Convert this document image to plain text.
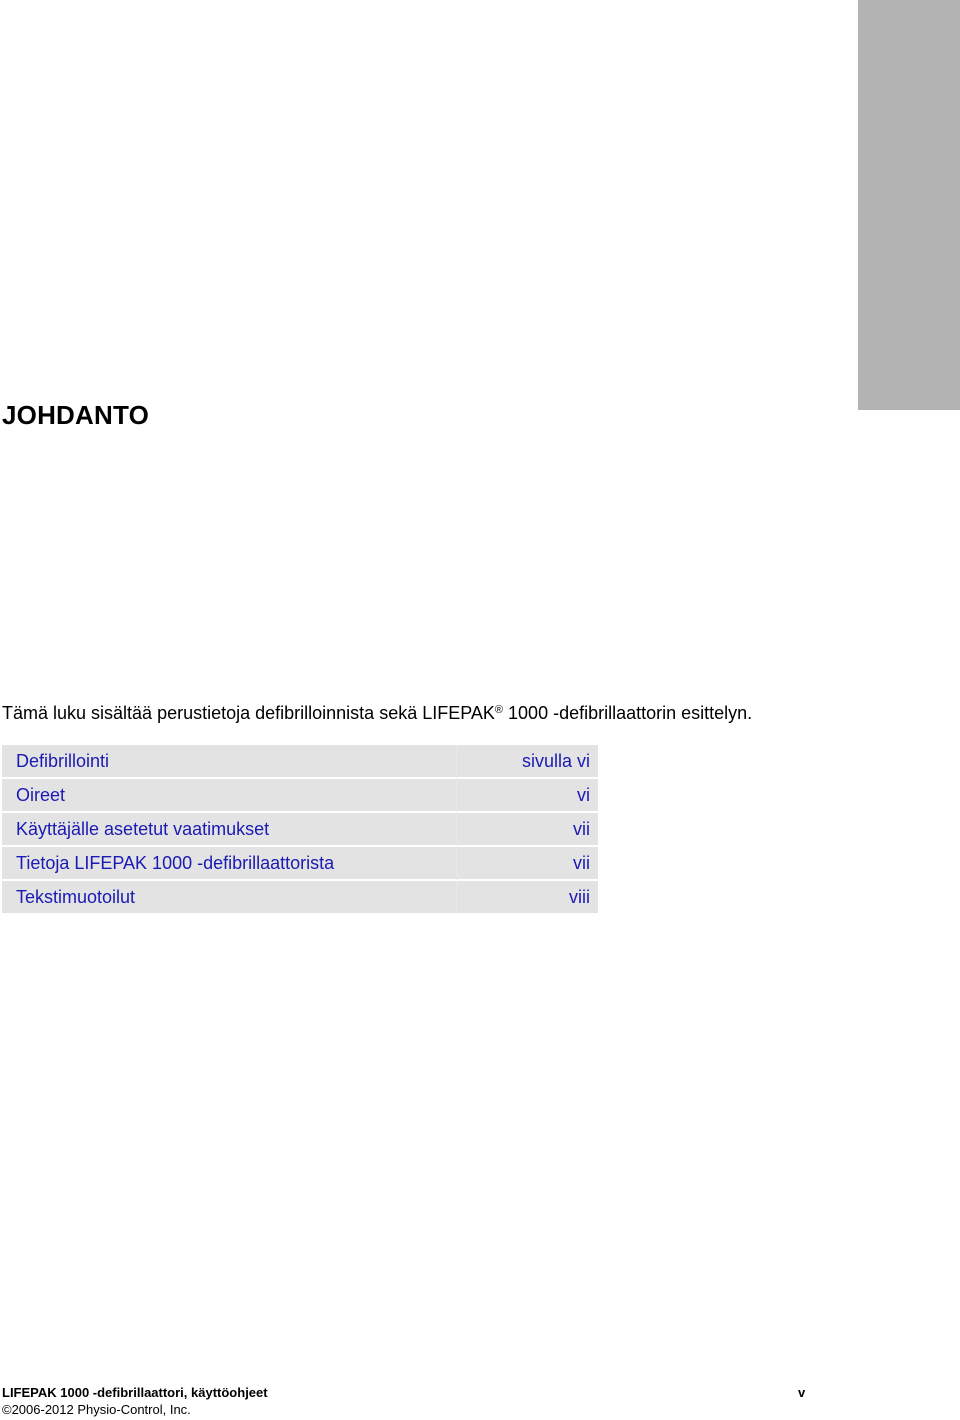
JOHDANTO

Tämä luku sisältää perustietoja defibrilloinnista sekä LIFEPAK® 1000 -defibrillaattorin esittelyn.

Defibrillointi	sivulla vi
Oireet	vi
Käyttäjälle asetetut vaatimukset	vii
Tietoja LIFEPAK 1000 -defibrillaattorista	vii
Tekstimuotoilut	viii
LIFEPAK 1000 -defibrillaattori, käyttöohjeet	v
©2006-2012 Physio-Control, Inc.
